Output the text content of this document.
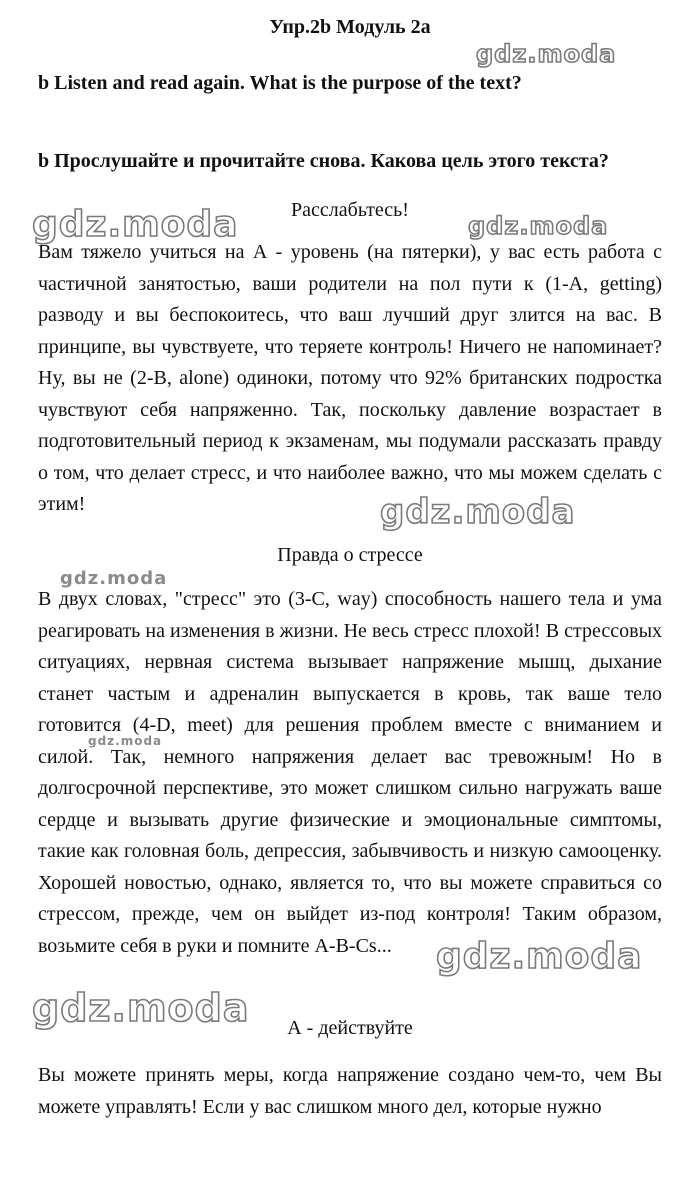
Упр.2b Модуль 2а
b Listen and read again. What is the purpose of the text?
b Прослушайте и прочитайте снова. Какова цель этого текста?
Расслабьтесь!
Вам тяжело учиться на А - уровень (на пятерки), у вас есть работа с частичной занятостью, ваши родители на пол пути к (1-A, getting) разводу и вы беспокоитесь, что ваш лучший друг злится на вас. В принципе, вы чувствуете, что теряете контроль! Ничего не напоминает? Ну, вы не (2-B, alone) одиноки, потому что 92% британских подростка чувствуют себя напряженно. Так, поскольку давление возрастает в подготовительный период к экзаменам, мы подумали рассказать правду о том, что делает стресс, и что наиболее важно, что мы можем сделать с этим!
Правда о стрессе
В двух словах, "стресс" это (3-C, way) способность нашего тела и ума реагировать на изменения в жизни. Не весь стресс плохой! В стрессовых ситуациях, нервная система вызывает напряжение мышц, дыхание станет частым и адреналин выпускается в кровь, так ваше тело готовится (4-D, meet) для решения проблем вместе с вниманием и силой. Так, немного напряжения делает вас тревожным! Но в долгосрочной перспективе, это может слишком сильно нагружать ваше сердце и вызывать другие физические и эмоциональные симптомы, такие как головная боль, депрессия, забывчивость и низкую самооценку. Хорошей новостью, однако, является то, что вы можете справиться со стрессом, прежде, чем он выйдет из-под контроля! Таким образом, возьмите себя в руки и помните A-B-Cs...
А - действуйте
Вы можете принять меры, когда напряжение создано чем-то, чем Вы можете управлять! Если у вас слишком много дел, которые нужно
gdz.moda
gdz.moda	gdz.moda
gdz.moda
gdz.moda
gdz.moda
gdz.moda
gdz.moda
